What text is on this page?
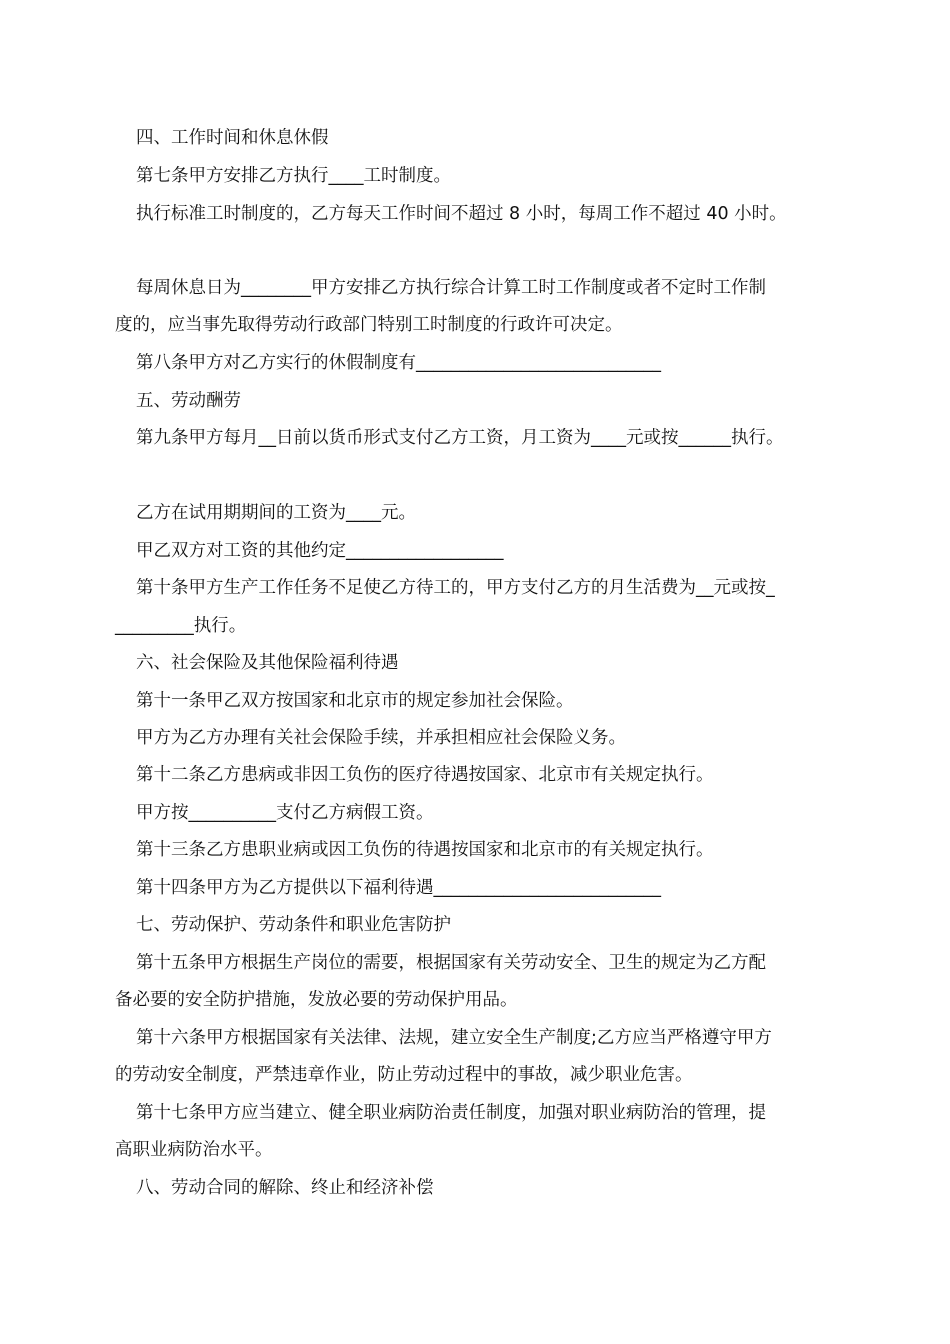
四、工作时间和休息休假
第七条甲方安排乙方执行____工时制度。
执行标准工时制度的，乙方每天工作时间不超过 8 小时，每周工作不超过 40 小时。
每周休息日为________甲方安排乙方执行综合计算工时工作制度或者不定时工作制
度的，应当事先取得劳动行政部门特别工时制度的行政许可决定。
第八条甲方对乙方实行的休假制度有____________________________
五、劳动酬劳
第九条甲方每月__日前以货币形式支付乙方工资，月工资为____元或按______执行。
乙方在试用期期间的工资为____元。
甲乙双方对工资的其他约定__________________
第十条甲方生产工作任务不足使乙方待工的，甲方支付乙方的月生活费为__元或按_
_________执行。
六、社会保险及其他保险福利待遇
第十一条甲乙双方按国家和北京市的规定参加社会保险。
甲方为乙方办理有关社会保险手续，并承担相应社会保险义务。
第十二条乙方患病或非因工负伤的医疗待遇按国家、北京市有关规定执行。
甲方按__________支付乙方病假工资。
第十三条乙方患职业病或因工负伤的待遇按国家和北京市的有关规定执行。
第十四条甲方为乙方提供以下福利待遇__________________________
七、劳动保护、劳动条件和职业危害防护
第十五条甲方根据生产岗位的需要，根据国家有关劳动安全、卫生的规定为乙方配
备必要的安全防护措施，发放必要的劳动保护用品。
第十六条甲方根据国家有关法律、法规，建立安全生产制度;乙方应当严格遵守甲方
的劳动安全制度，严禁违章作业，防止劳动过程中的事故，减少职业危害。
第十七条甲方应当建立、健全职业病防治责任制度，加强对职业病防治的管理，提
高职业病防治水平。
八、劳动合同的解除、终止和经济补偿
